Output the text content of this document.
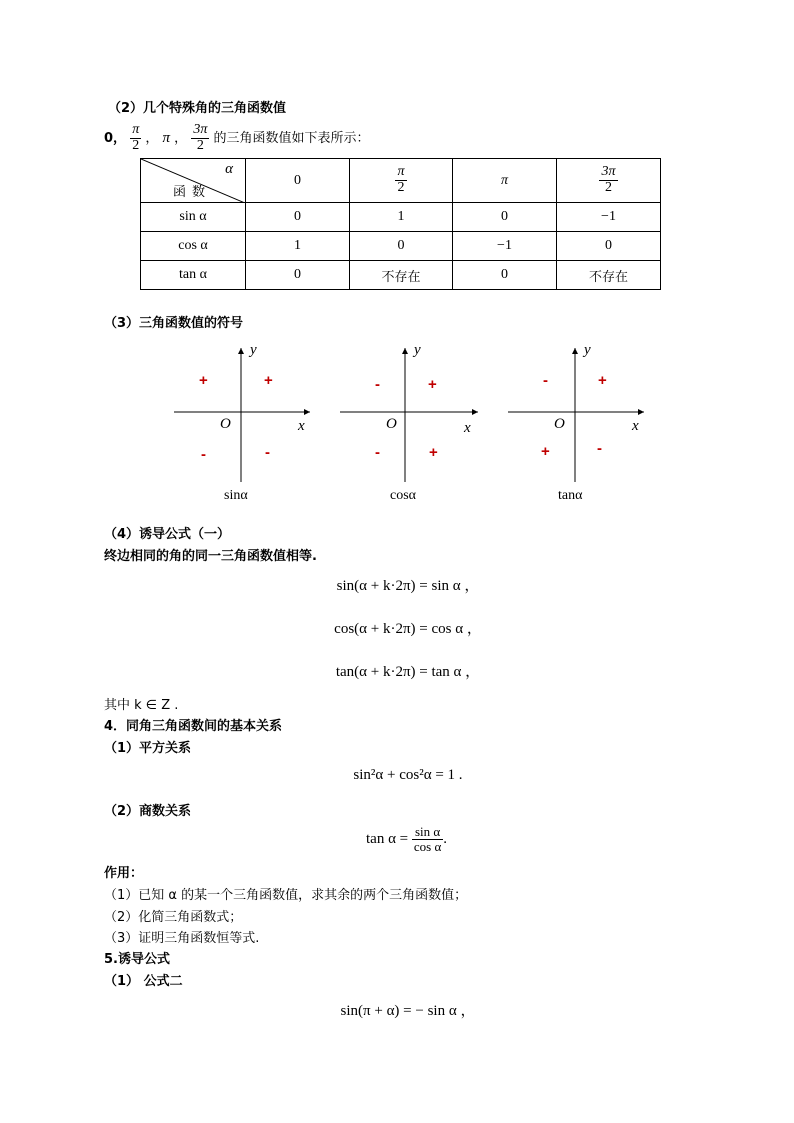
（2）几个特殊角的三角函数值
0， $\frac{\pi}{2}$ ， π ， $\frac{3\pi}{2}$ 的三角函数值如下表所示：
α
函数	0	$\frac{\pi}{2}$	π	$\frac{3\pi}{2}$

sin α	0	1	0	−1
cos α	1	0	−1	0
tan α	0	不存在	0	不存在
（3）三角函数值的符号
y
x
O
+	+
-	-
sinα
y
x
O
-	+
-	+
cosα
y
x
O
-	+
+	-
tanα
（4）诱导公式（一）
终边相同的角的同一三角函数值相等.
sin(α + k·2π) = sin α ，
cos(α + k·2π) = cos α ，
tan(α + k·2π) = tan α ，
其中 k ∈ Z .
4．同角三角函数间的基本关系
（1）平方关系
sin²α + cos²α = 1 .
（2）商数关系
$\tan \alpha = \frac{\text{sin α}}{\text{cos α}}$ .
作用：
（1）已知 α 的某一个三角函数值，求其余的两个三角函数值；
（2）化简三角函数式；
（3）证明三角函数恒等式.
5.诱导公式
（1） 公式二
sin(π + α) = − sin α ，
